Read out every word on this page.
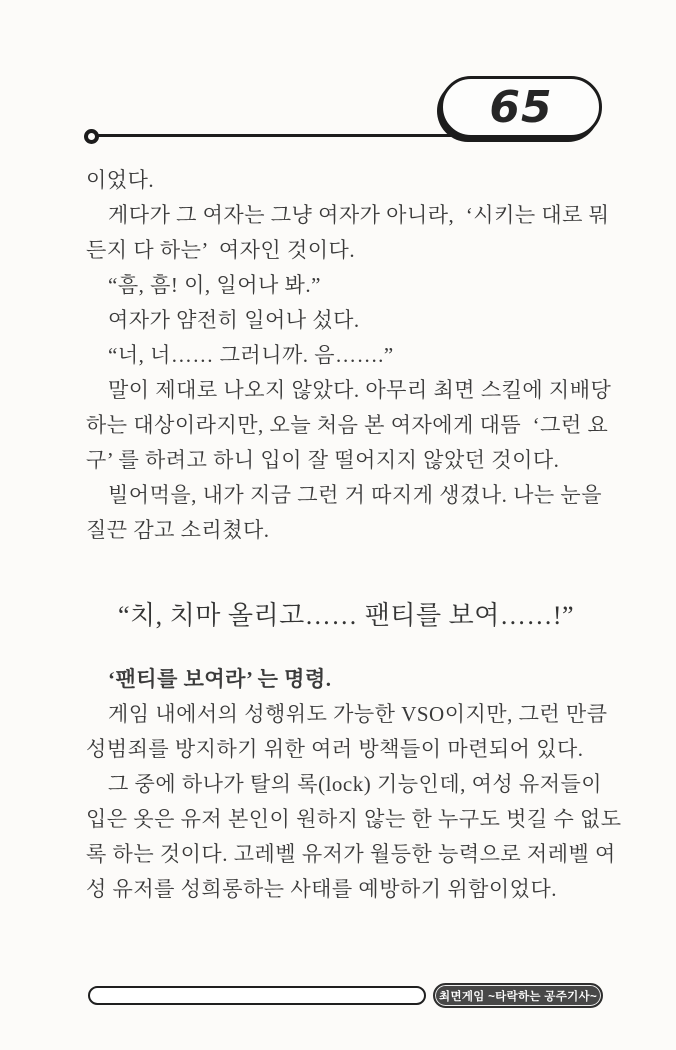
65
이었다.
게다가 그 여자는 그냥 여자가 아니라,  ‘시키는 대로 뭐
든지 다 하는’  여자인 것이다.
“흠, 흠! 이, 일어나 봐.”
여자가 얌전히 일어나 섰다.
“너, 너…… 그러니까. 음…….”
말이 제대로 나오지 않았다. 아무리 최면 스킬에 지배당
하는 대상이라지만, 오늘 처음 본 여자에게 대뜸  ‘그런 요
구’ 를 하려고 하니 입이 잘 떨어지지 않았던 것이다.
빌어먹을, 내가 지금 그런 거 따지게 생겼나. 나는 눈을
질끈 감고 소리쳤다.
“치, 치마 올리고…… 팬티를 보여……!”
‘팬티를 보여라’ 는 명령.
게임 내에서의 성행위도 가능한 VSO이지만, 그런 만큼
성범죄를 방지하기 위한 여러 방책들이 마련되어 있다.
그 중에 하나가 탈의 록(lock) 기능인데, 여성 유저들이
입은 옷은 유저 본인이 원하지 않는 한 누구도 벗길 수 없도
록 하는 것이다. 고레벨 유저가 월등한 능력으로 저레벨 여
성 유저를 성희롱하는 사태를 예방하기 위함이었다.
최면게임 ~타락하는 공주기사~
